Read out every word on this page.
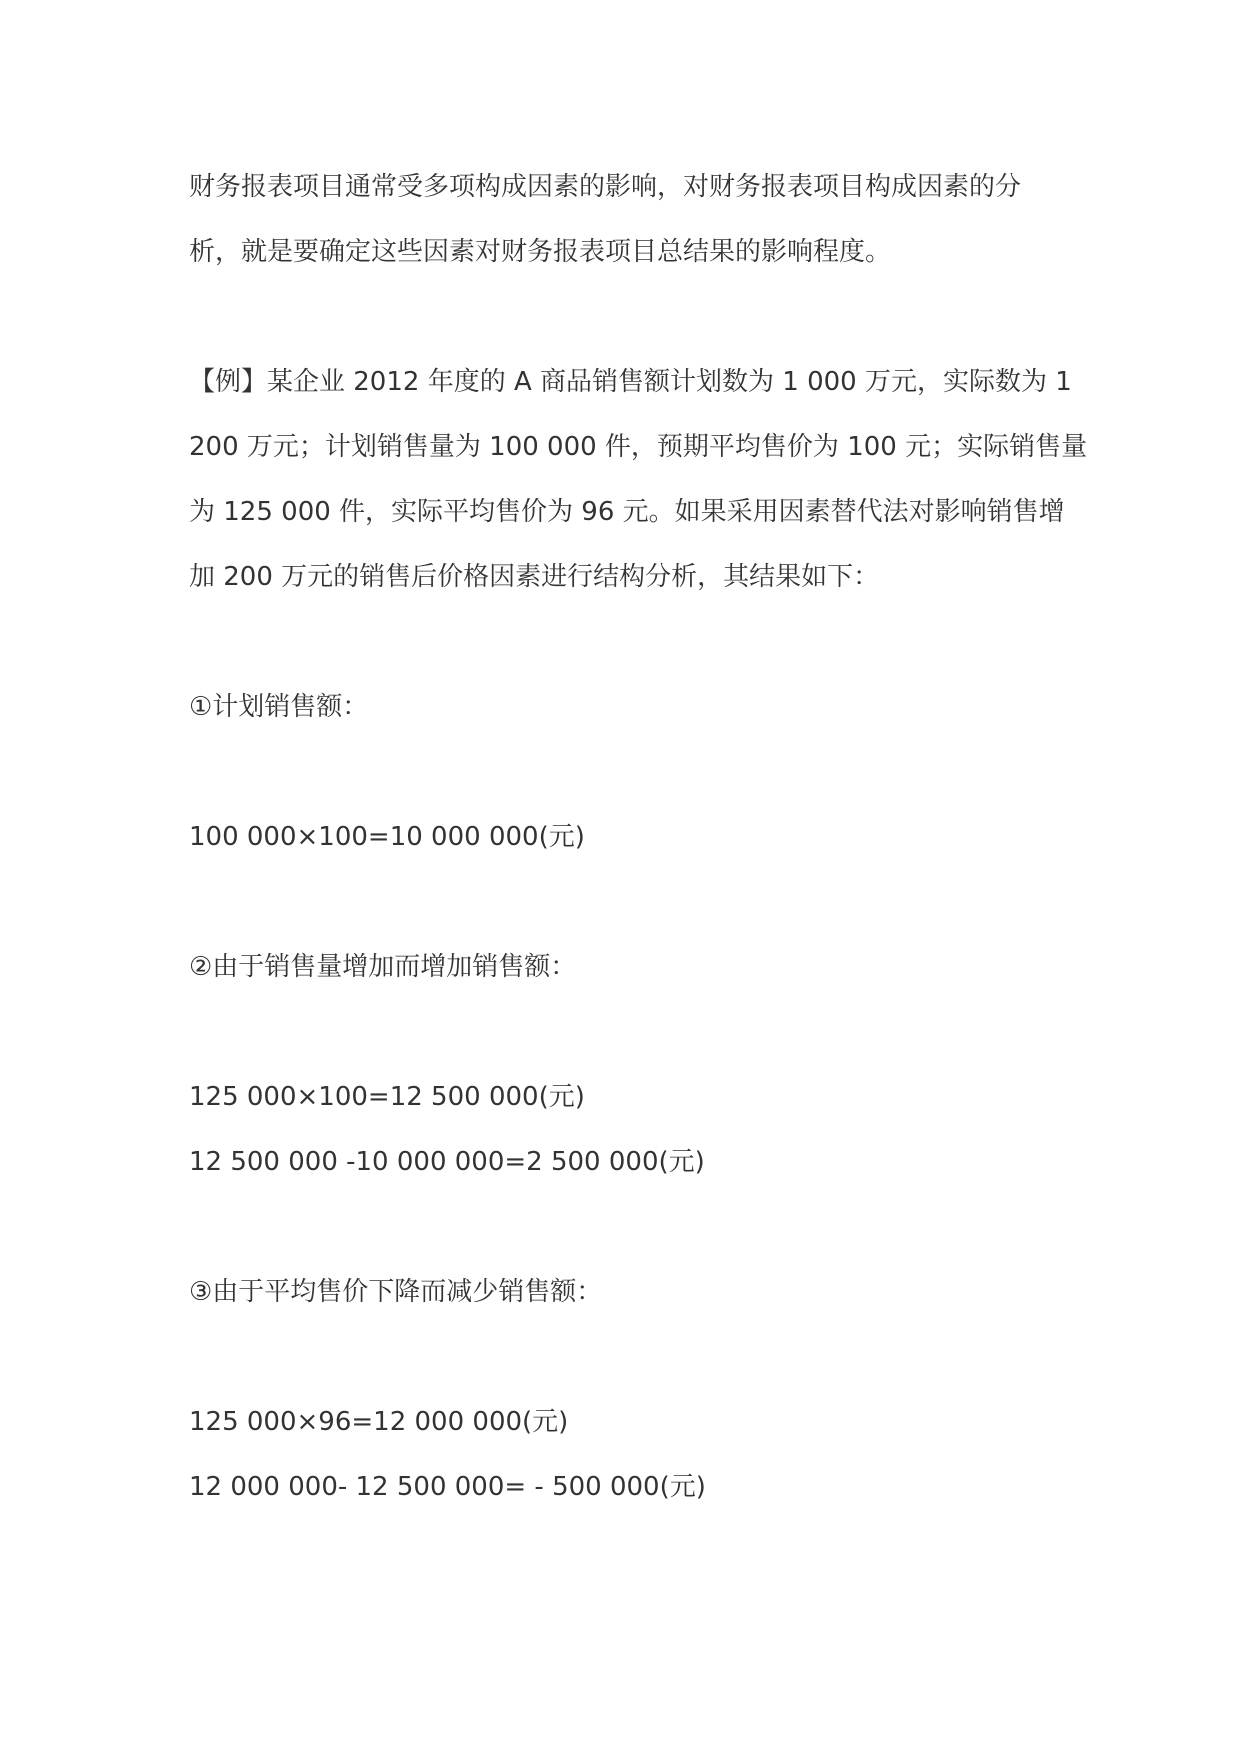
财务报表项目通常受多项构成因素的影响，对财务报表项目构成因素的分
析，就是要确定这些因素对财务报表项目总结果的影响程度。
【例】某企业 2012 年度的 A 商品销售额计划数为 1 000 万元，实际数为 1
200 万元；计划销售量为 100 000 件，预期平均售价为 100 元；实际销售量
为 125 000 件，实际平均售价为 96 元。如果采用因素替代法对影响销售增
加 200 万元的销售后价格因素进行结构分析，其结果如下：
①计划销售额：
100 000×100=10 000 000(元)
②由于销售量增加而增加销售额：
125 000×100=12 500 000(元)
12 500 000 -10 000 000=2 500 000(元)
③由于平均售价下降而减少销售额：
125 000×96=12 000 000(元)
12 000 000- 12 500 000= - 500 000(元)
